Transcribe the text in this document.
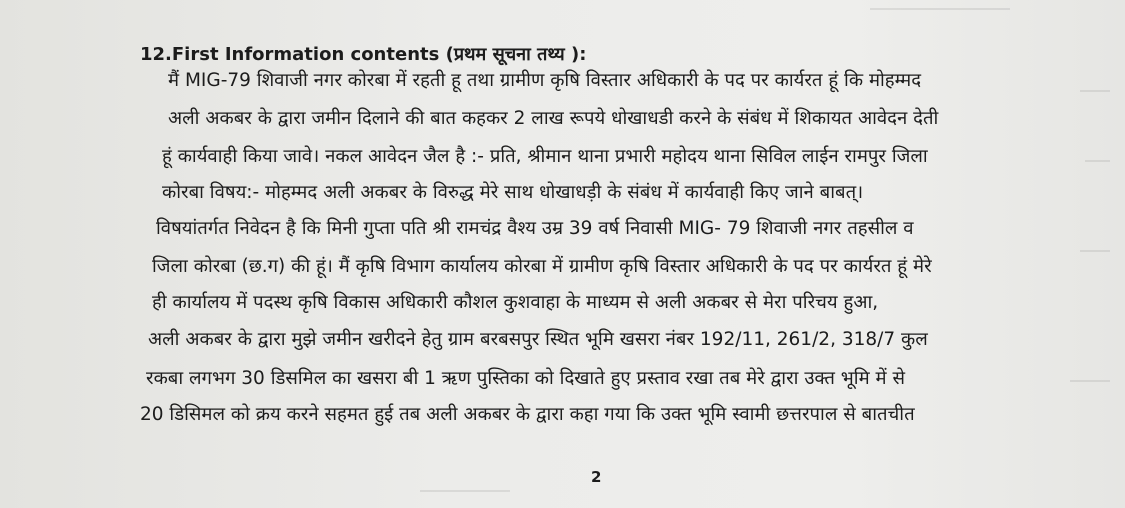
12.First Information contents (प्रथम सूचना तथ्य ):
मैं MIG-79 शिवाजी नगर कोरबा में रहती हू तथा ग्रामीण कृषि विस्तार अधिकारी के पद पर कार्यरत हूं कि मोहम्मद
अली अकबर के द्वारा जमीन दिलाने की बात कहकर 2 लाख रूपये धोखाधडी करने के संबंध में शिकायत आवेदन देती
हूं कार्यवाही किया जावे। नकल आवेदन जैल है :- प्रति, श्रीमान थाना प्रभारी महोदय थाना सिविल लाईन रामपुर जिला
कोरबा विषय:- मोहम्मद अली अकबर के विरुद्ध मेरे साथ धोखाधड़ी के संबंध में कार्यवाही किए जाने बाबत्।
विषयांतर्गत निवेदन है कि मिनी गुप्ता पति श्री रामचंद्र वैश्य उम्र 39 वर्ष निवासी MIG- 79 शिवाजी नगर तहसील व
जिला कोरबा (छ.ग) की हूं। मैं कृषि विभाग कार्यालय कोरबा में ग्रामीण कृषि विस्तार अधिकारी के पद पर कार्यरत हूं मेरे
ही कार्यालय में पदस्थ कृषि विकास अधिकारी कौशल कुशवाहा के माध्यम से अली अकबर से मेरा परिचय हुआ,
अली अकबर के द्वारा मुझे जमीन खरीदने हेतु ग्राम बरबसपुर स्थित भूमि खसरा नंबर 192/11, 261/2, 318/7 कुल
रकबा लगभग 30 डिसमिल का खसरा बी 1 ऋण पुस्तिका को दिखाते हुए प्रस्ताव रखा तब मेरे द्वारा उक्त भूमि में से
20 डिसिमल को क्रय करने सहमत हुई तब अली अकबर के द्वारा कहा गया कि उक्त भूमि स्वामी छत्तरपाल से बातचीत
2
